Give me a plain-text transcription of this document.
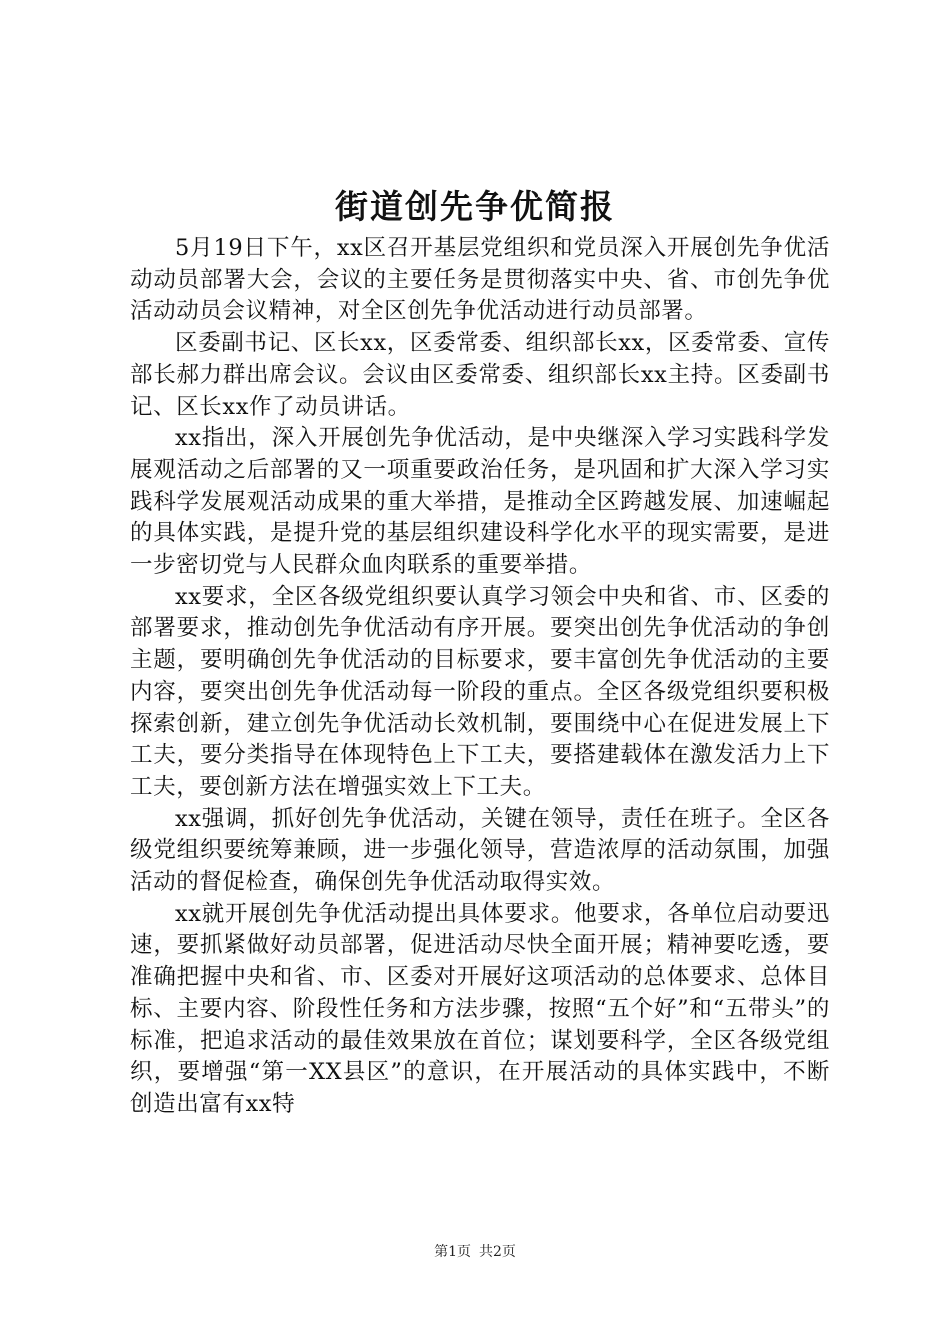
街道创先争优简报

5月19日下午，xx区召开基层党组织和党员深入开展创先争优活动动员部署大会，会议的主要任务是贯彻落实中央、省、市创先争优活动动员会议精神，对全区创先争优活动进行动员部署。

区委副书记、区长xx，区委常委、组织部长xx，区委常委、宣传部长郝力群出席会议。会议由区委常委、组织部长xx主持。区委副书记、区长xx作了动员讲话。

xx指出，深入开展创先争优活动，是中央继深入学习实践科学发展观活动之后部署的又一项重要政治任务，是巩固和扩大深入学习实践科学发展观活动成果的重大举措，是推动全区跨越发展、加速崛起的具体实践，是提升党的基层组织建设科学化水平的现实需要，是进一步密切党与人民群众血肉联系的重要举措。

xx要求，全区各级党组织要认真学习领会中央和省、市、区委的部署要求，推动创先争优活动有序开展。要突出创先争优活动的争创主题，要明确创先争优活动的目标要求，要丰富创先争优活动的主要内容，要突出创先争优活动每一阶段的重点。全区各级党组织要积极探索创新，建立创先争优活动长效机制，要围绕中心在促进发展上下工夫，要分类指导在体现特色上下工夫，要搭建载体在激发活力上下工夫，要创新方法在增强实效上下工夫。

xx强调，抓好创先争优活动，关键在领导，责任在班子。全区各级党组织要统筹兼顾，进一步强化领导，营造浓厚的活动氛围，加强活动的督促检查，确保创先争优活动取得实效。

xx就开展创先争优活动提出具体要求。他要求，各单位启动要迅速，要抓紧做好动员部署，促进活动尽快全面开展；精神要吃透，要准确把握中央和省、市、区委对开展好这项活动的总体要求、总体目标、主要内容、阶段性任务和方法步骤，按照“五个好”和“五带头”的标准，把追求活动的最佳效果放在首位；谋划要科学，全区各级党组织，要增强“第一XX县区”的意识，在开展活动的具体实践中，不断创造出富有xx特

第1页 共2页
